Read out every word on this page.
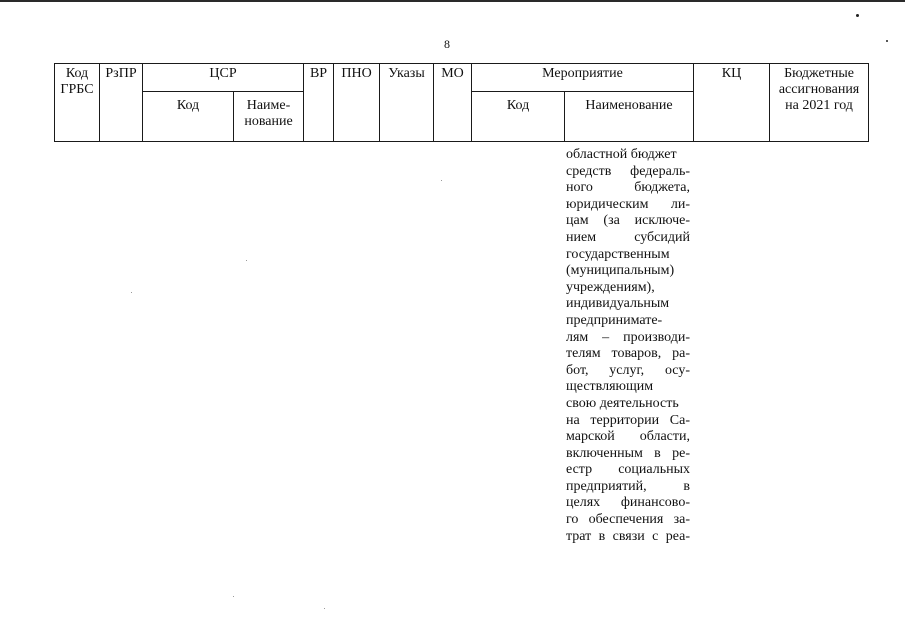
8
Код ГРБС	РзПР	ЦСР		ВР	ПНО	Указы	МО	Мероприятие		КЦ	Бюджетные ассигнования на 2021 год
		Код	Наиме-нование					Код	Наименование		
областной бюджет
средств федераль-
ного бюджета,
юридическим ли-
цам (за исключе-
нием субсидий
государственным
(муниципальным)
учреждениям),
индивидуальным
предпринимате-
лям – производи-
телям товаров, ра-
бот, услуг, осу-
ществляющим
свою деятельность
на территории Са-
марской области,
включенным в ре-
естр социальных
предприятий, в
целях финансово-
го обеспечения за-
трат в связи с реа-
